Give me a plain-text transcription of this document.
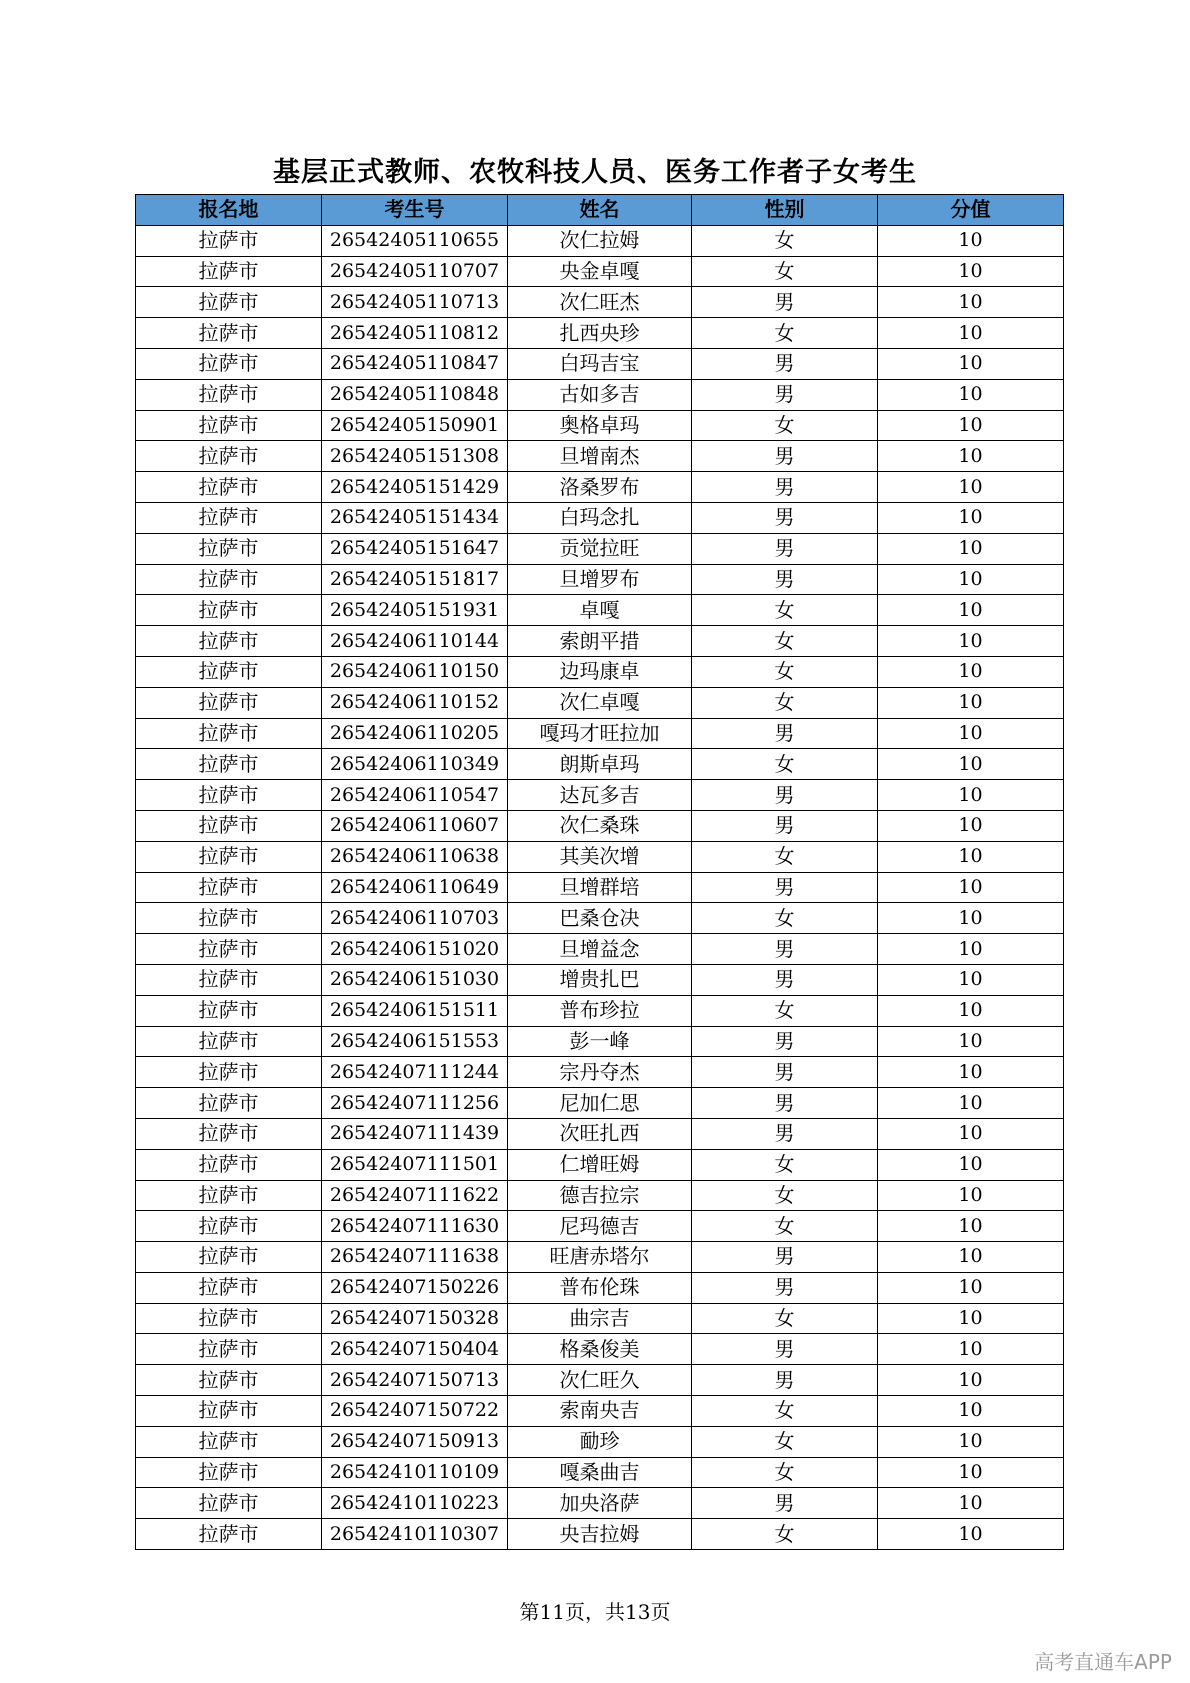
基层正式教师、农牧科技人员、医务工作者子女考生
报名地	考生号	姓名	性别	分值
拉萨市	26542405110655	次仁拉姆	女	10
拉萨市	26542405110707	央金卓嘎	女	10
拉萨市	26542405110713	次仁旺杰	男	10
拉萨市	26542405110812	扎西央珍	女	10
拉萨市	26542405110847	白玛吉宝	男	10
拉萨市	26542405110848	古如多吉	男	10
拉萨市	26542405150901	奥格卓玛	女	10
拉萨市	26542405151308	旦增南杰	男	10
拉萨市	26542405151429	洛桑罗布	男	10
拉萨市	26542405151434	白玛念扎	男	10
拉萨市	26542405151647	贡觉拉旺	男	10
拉萨市	26542405151817	旦增罗布	男	10
拉萨市	26542405151931	卓嘎	女	10
拉萨市	26542406110144	索朗平措	女	10
拉萨市	26542406110150	边玛康卓	女	10
拉萨市	26542406110152	次仁卓嘎	女	10
拉萨市	26542406110205	嘎玛才旺拉加	男	10
拉萨市	26542406110349	朗斯卓玛	女	10
拉萨市	26542406110547	达瓦多吉	男	10
拉萨市	26542406110607	次仁桑珠	男	10
拉萨市	26542406110638	其美次增	女	10
拉萨市	26542406110649	旦增群培	男	10
拉萨市	26542406110703	巴桑仓决	女	10
拉萨市	26542406151020	旦增益念	男	10
拉萨市	26542406151030	增贵扎巴	男	10
拉萨市	26542406151511	普布珍拉	女	10
拉萨市	26542406151553	彭一峰	男	10
拉萨市	26542407111244	宗丹夺杰	男	10
拉萨市	26542407111256	尼加仁思	男	10
拉萨市	26542407111439	次旺扎西	男	10
拉萨市	26542407111501	仁增旺姆	女	10
拉萨市	26542407111622	德吉拉宗	女	10
拉萨市	26542407111630	尼玛德吉	女	10
拉萨市	26542407111638	旺唐赤塔尔	男	10
拉萨市	26542407150226	普布伦珠	男	10
拉萨市	26542407150328	曲宗吉	女	10
拉萨市	26542407150404	格桑俊美	男	10
拉萨市	26542407150713	次仁旺久	男	10
拉萨市	26542407150722	索南央吉	女	10
拉萨市	26542407150913	勔珍	女	10
拉萨市	26542410110109	嘎桑曲吉	女	10
拉萨市	26542410110223	加央洛萨	男	10
拉萨市	26542410110307	央吉拉姆	女	10
第11页，共13页
高考直通车APP
